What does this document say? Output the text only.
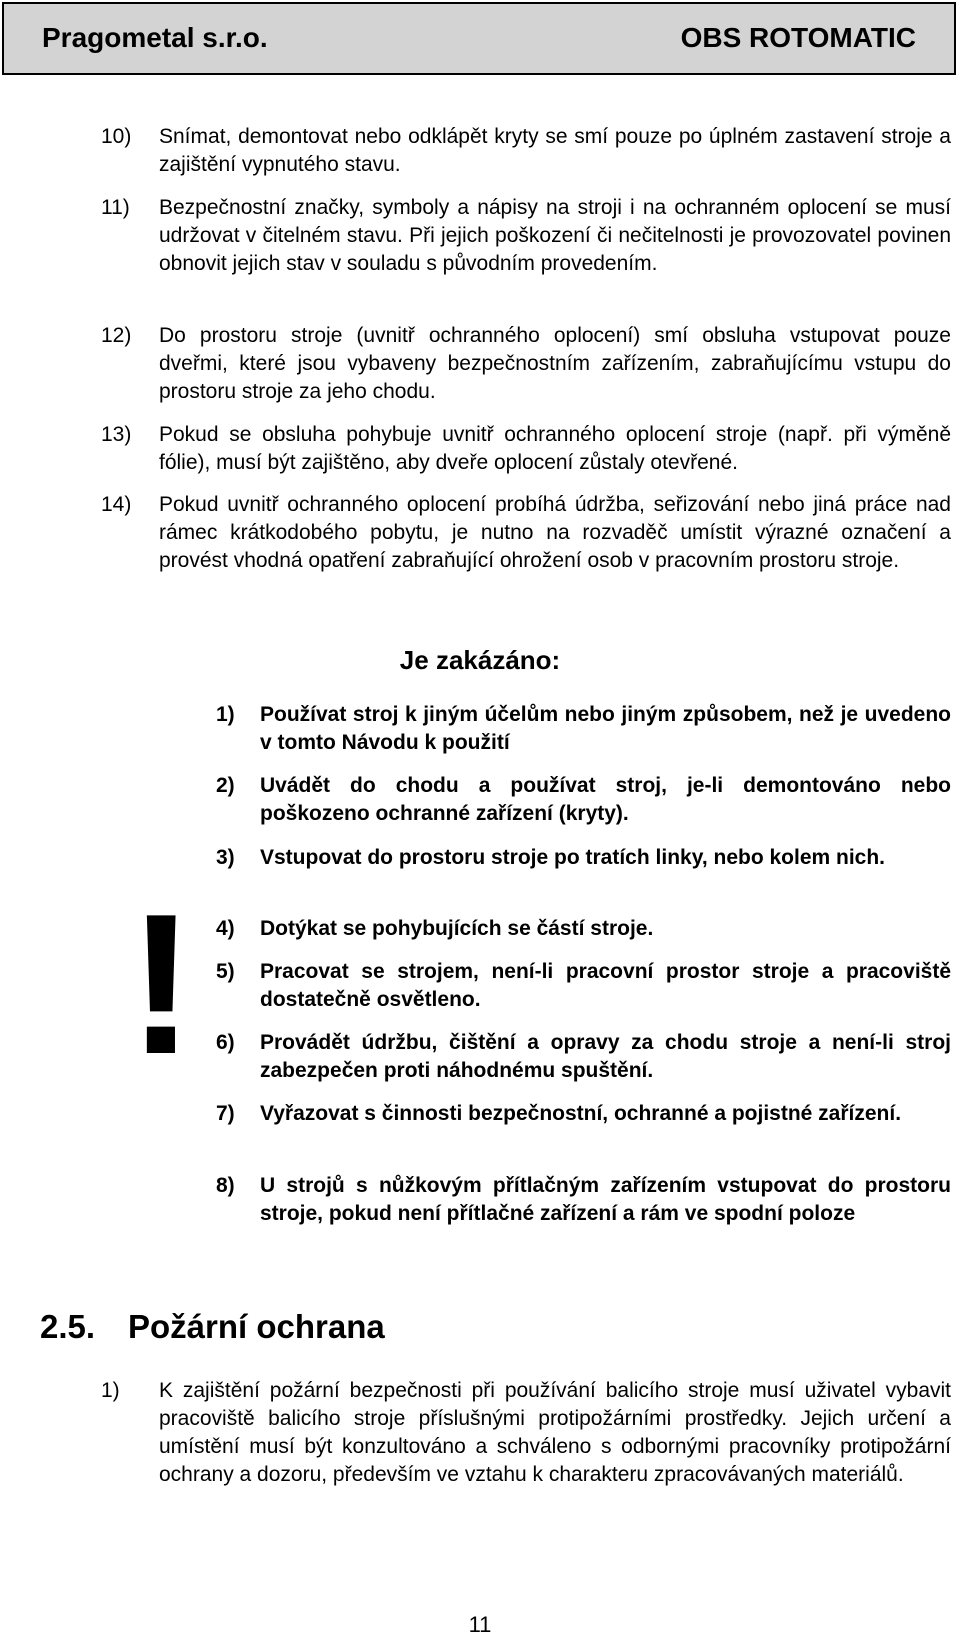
Pragometal s.r.o.	OBS ROTOMATIC
10) Snímat, demontovat nebo odklápět kryty se smí pouze po úplném zastavení stroje a zajištění vypnutého stavu.
11) Bezpečnostní značky, symboly a nápisy na stroji i na ochranném oplocení se musí udržovat v čitelném stavu. Při jejich poškození či nečitelnosti je provozovatel povinen obnovit jejich stav v souladu s původním provedením.
12) Do prostoru stroje (uvnitř ochranného oplocení) smí obsluha vstupovat pouze dveřmi, které jsou vybaveny bezpečnostním zařízením, zabraňujícímu vstupu do prostoru stroje za jeho chodu.
13) Pokud se obsluha pohybuje uvnitř ochranného oplocení stroje (např. při výměně fólie), musí být zajištěno, aby dveře oplocení zůstaly otevřené.
14) Pokud uvnitř ochranného oplocení probíhá údržba, seřizování nebo jiná práce nad rámec krátkodobého pobytu, je nutno na rozvaděč umístit výrazné označení a provést vhodná opatření zabraňující ohrožení osob v pracovním prostoru stroje.
Je zakázáno:
!
1) Používat stroj k jiným účelům nebo jiným způsobem, než je uvedeno v tomto Návodu k použití
2) Uvádět do chodu a používat stroj, je-li demontováno nebo poškozeno ochranné zařízení (kryty).
3) Vstupovat do prostoru stroje po tratích linky, nebo kolem nich.
4) Dotýkat se pohybujících se částí stroje.
5) Pracovat se strojem, není-li pracovní prostor stroje a pracoviště dostatečně osvětleno.
6) Provádět údržbu, čištění a opravy za chodu stroje a není-li stroj zabezpečen proti náhodnému spuštění.
7) Vyřazovat s činnosti bezpečnostní, ochranné a pojistné zařízení.
8) U strojů s nůžkovým přítlačným zařízením vstupovat do prostoru stroje, pokud není přítlačné zařízení a rám ve spodní poloze
2.5. Požární ochrana
1) K zajištění požární bezpečnosti při používání balicího stroje musí uživatel vybavit pracoviště balicího stroje příslušnými protipožárními prostředky. Jejich určení a umístění musí být konzultováno a schváleno s odbornými pracovníky protipožární ochrany a dozoru, především ve vztahu k charakteru zpracovávaných materiálů.
11
